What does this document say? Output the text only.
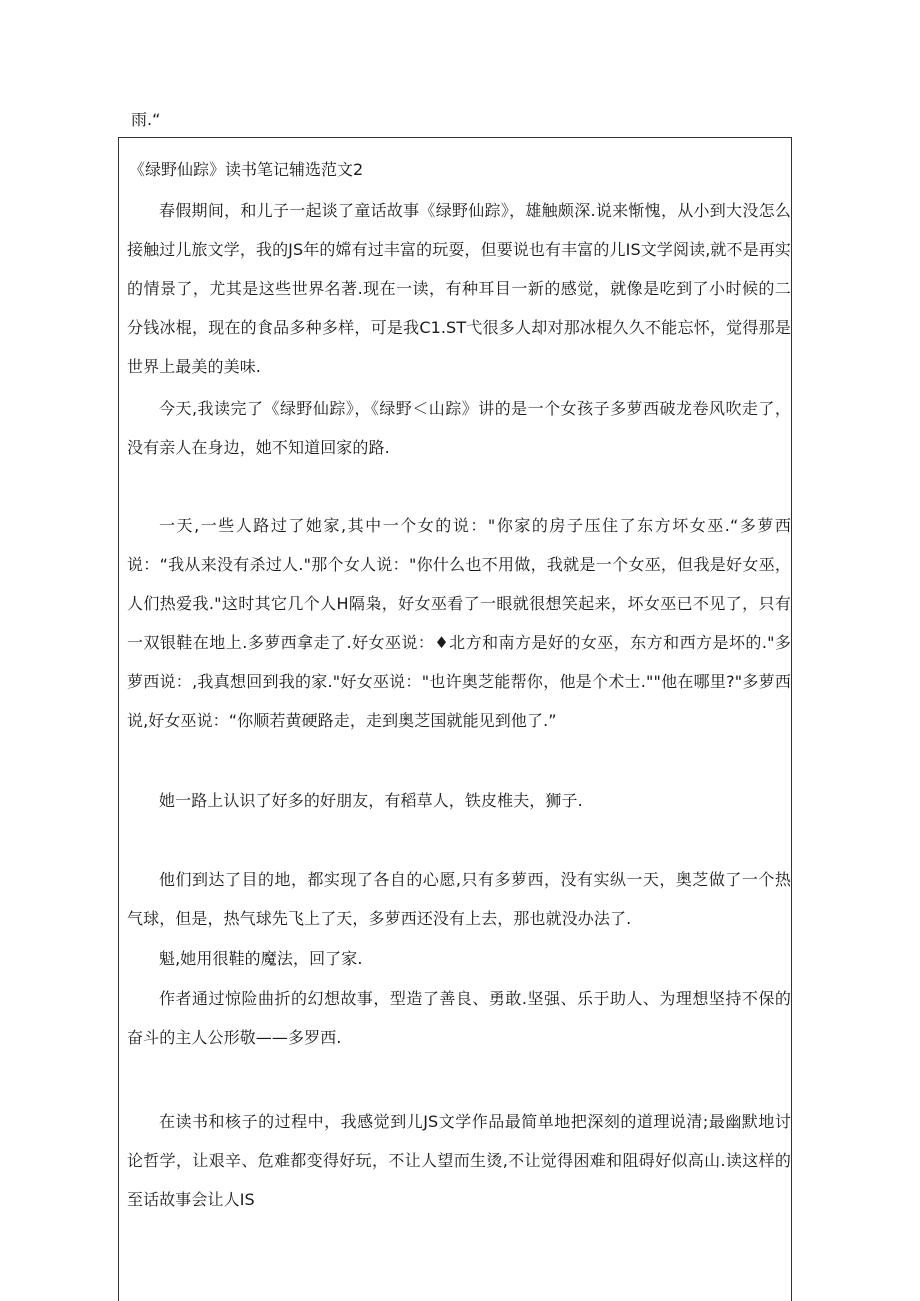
雨.“
《绿野仙踪》读书笔记辅选范文2

春假期间，和儿子一起谈了童话故事《绿野仙踪》，雄触颇深.说来惭愧，从小到大没怎么接触过儿旅文学，我的JS年的嫦有过丰富的玩耍，但要说也有丰富的儿IS文学阅读,就不是再实的情景了，尤其是这些世界名著.现在一读，有种耳目一新的感觉，就像是吃到了小时候的二分钱冰棍，现在的食品多种多样，可是我C1.ST弋很多人却对那冰棍久久不能忘怀，觉得那是世界上最美的美味.

今天,我读完了《绿野仙踪》，《绿野＜山踪》讲的是一个女孩子多萝西破龙卷风吹走了，没有亲人在身边，她不知道回家的路.

一天,一些人路过了她家,其中一个女的说："你家的房子压住了东方坏女巫.“多萝西说：“我从来没有杀过人."那个女人说："你什么也不用做，我就是一个女巫，但我是好女巫，人们热爱我."这时其它几个人H隔枭，好女巫看了一眼就很想笑起来，坏女巫已不见了，只有一双银鞋在地上.多萝西拿走了.好女巫说：♦北方和南方是好的女巫，东方和西方是坏的."多萝西说：,我真想回到我的家."好女巫说："也许奥芝能帮你，他是个术士.""他在哪里?"多萝西说,好女巫说：“你顺若黄硬路走，走到奥芝国就能见到他了.”

她一路上认识了好多的好朋友，有稻草人，铁皮椎夫，狮子.

他们到达了目的地，都实现了各自的心愿,只有多萝西，没有实纵一天，奥芝做了一个热气球，但是，热气球先飞上了天，多萝西还没有上去，那也就没办法了.

魁,她用很鞋的魔法，回了家.

作者通过惊险曲折的幻想故事，型造了善良、勇敢.坚强、乐于助人、为理想坚持不保的奋斗的主人公形敬——多罗西.

在读书和核子的过程中，我感觉到儿JS文学作品最简单地把深刻的道理说清;最幽默地讨论哲学，让艰辛、危难都变得好玩，不让人望而生烫,不让觉得困难和阻碍好似高山.读这样的至话故事会让人IS
